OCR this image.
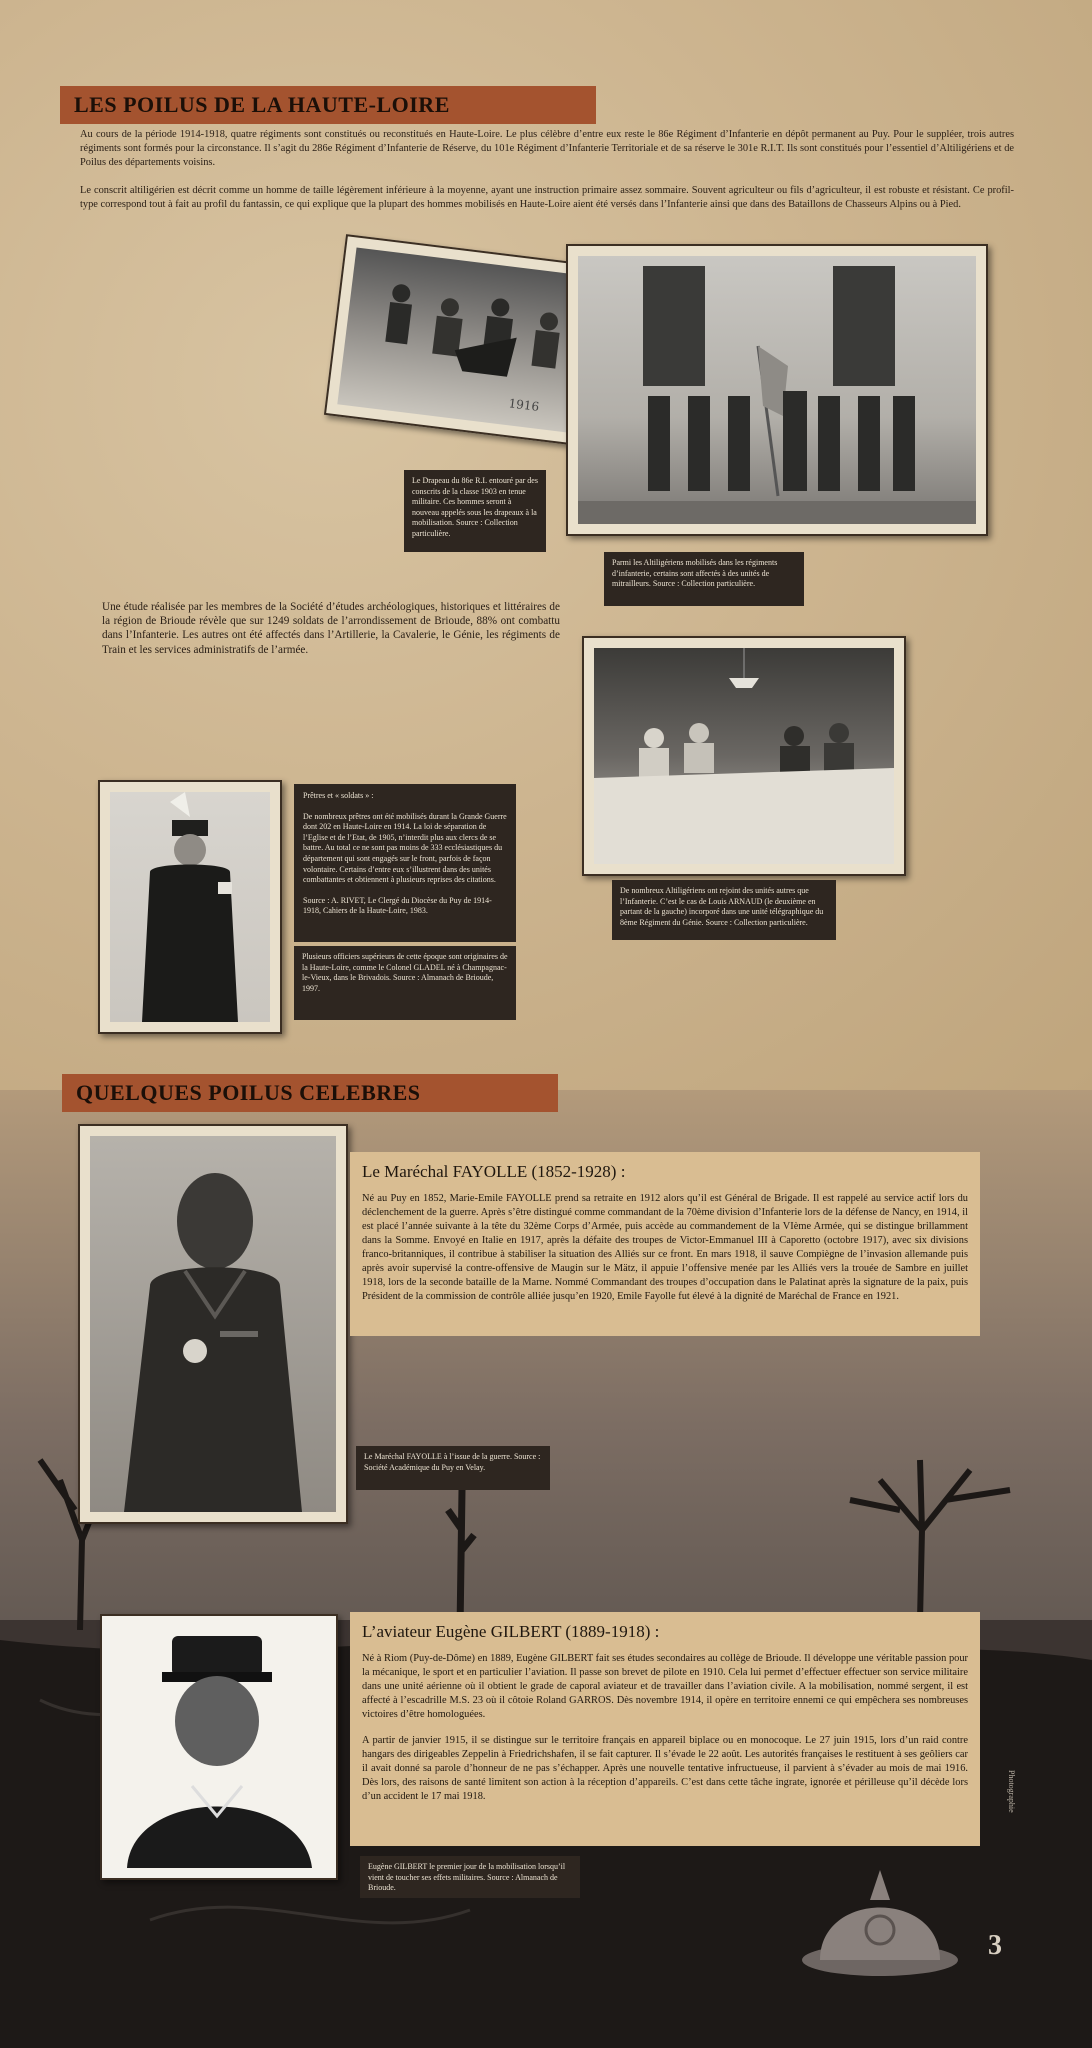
LES POILUS DE LA HAUTE-LOIRE
Au cours de la période 1914-1918, quatre régiments sont constitués ou reconstitués en Haute-Loire. Le plus célèbre d’entre eux reste le 86e Régiment d’Infanterie en dépôt permanent au Puy. Pour le suppléer, trois autres régiments sont formés pour la circonstance. Il s’agit du 286e Régiment d’Infanterie de Réserve, du 101e Régiment d’Infanterie Territoriale et de sa réserve le 301e R.I.T. Ils sont constitués pour l’essentiel d’Altiligériens et de Poilus des départements voisins.
Le conscrit altiligérien est décrit comme un homme de taille légèrement inférieure à la moyenne, ayant une instruction primaire assez sommaire. Souvent agriculteur ou fils d’agriculteur, il est robuste et résistant. Ce profil-type correspond tout à fait au profil du fantassin, ce qui explique que la plupart des hommes mobilisés en Haute-Loire aient été versés dans l’Infanterie ainsi que dans des Bataillons de Chasseurs Alpins ou à Pied.
1916
Le Drapeau du 86e R.I. entouré par des conscrits de la classe 1903 en tenue militaire. Ces hommes seront à nouveau appelés sous les drapeaux à la mobilisation. Source : Collection particulière.
Parmi les Altiligériens mobilisés dans les régiments d’infanterie, certains sont affectés à des unités de mitrailleurs. Source : Collection particulière.
Une étude réalisée par les membres de la Société d’études archéologiques, historiques et littéraires de la région de Brioude révèle que sur 1249 soldats de l’arrondissement de Brioude, 88% ont combattu dans l’Infanterie. Les autres ont été affectés dans l’Artillerie, la Cavalerie, le Génie, les régiments de Train et les services administratifs de l’armée.
De nombreux Altiligériens ont rejoint des unités autres que l’Infanterie. C’est le cas de Louis ARNAUD (le deuxième en partant de la gauche) incorporé dans une unité télégraphique du 8ème Régiment du Génie. Source : Collection particulière.
Prêtres et « soldats » :
De nombreux prêtres ont été mobilisés durant la Grande Guerre dont 202 en Haute-Loire en 1914. La loi de séparation de l’Eglise et de l’Etat, de 1905, n’interdit plus aux clercs de se battre. Au total ce ne sont pas moins de 333 ecclésiastiques du département qui sont engagés sur le front, parfois de façon volontaire. Certains d’entre eux s’illustrent dans des unités combattantes et obtiennent à plusieurs reprises des citations.
Source : A. RIVET, Le Clergé du Diocèse du Puy de 1914-1918, Cahiers de la Haute-Loire, 1983.
Plusieurs officiers supérieurs de cette époque sont originaires de la Haute-Loire, comme le Colonel GLADEL né à Champagnac-le-Vieux, dans le Brivadois. Source : Almanach de Brioude, 1997.
QUELQUES POILUS CELEBRES
Le Maréchal FAYOLLE (1852-1928) :

Né au Puy en 1852, Marie-Emile FAYOLLE prend sa retraite en 1912 alors qu’il est Général de Brigade. Il est rappelé au service actif lors du déclenchement de la guerre. Après s’être distingué comme commandant de la 70ème division d’Infanterie lors de la défense de Nancy, en 1914, il est placé l’année suivante à la tête du 32ème Corps d’Armée, puis accède au commandement de la VIème Armée, qui se distingue brillamment dans la Somme. Envoyé en Italie en 1917, après la défaite des troupes de Victor-Emmanuel III à Caporetto (octobre 1917), avec six divisions franco-britanniques, il contribue à stabiliser la situation des Alliés sur ce front. En mars 1918, il sauve Compiègne de l’invasion allemande puis après avoir supervisé la contre-offensive de Maugin sur le Mätz, il appuie l’offensive menée par les Alliés vers la trouée de Sambre en juillet 1918, lors de la seconde bataille de la Marne. Nommé Commandant des troupes d’occupation dans le Palatinat après la signature de la paix, puis Président de la commission de contrôle alliée jusqu’en 1920, Emile Fayolle fut élevé à la dignité de Maréchal de France en 1921.

Le Maréchal FAYOLLE à l’issue de la guerre. Source : Société Académique du Puy en Velay.
L’aviateur Eugène GILBERT (1889-1918) :

Né à Riom (Puy-de-Dôme) en 1889, Eugène GILBERT fait ses études secondaires au collège de Brioude. Il développe une véritable passion pour la mécanique, le sport et en particulier l’aviation. Il passe son brevet de pilote en 1910. Cela lui permet d’effectuer effectuer son service militaire dans une unité aérienne où il obtient le grade de caporal aviateur et de travailler dans l’aviation civile. A la mobilisation, nommé sergent, il est affecté à l’escadrille M.S. 23 où il côtoie Roland GARROS. Dès novembre 1914, il opère en territoire ennemi ce qui empêchera ses nombreuses victoires d’être homologuées.

A partir de janvier 1915, il se distingue sur le territoire français en appareil biplace ou en monocoque. Le 27 juin 1915, lors d’un raid contre hangars des dirigeables Zeppelin à Friedrichshafen, il se fait capturer. Il s’évade le 22 août. Les autorités françaises le restituent à ses geôliers car il avait donné sa parole d’honneur de ne pas s’échapper. Après une nouvelle tentative infructueuse, il parvient à s’évader au mois de mai 1916. Dès lors, des raisons de santé limitent son action à la réception d’appareils. C’est dans cette tâche ingrate, ignorée et périlleuse qu’il décède lors d’un accident le 17 mai 1918.

Eugène GILBERT le premier jour de la mobilisation lorsqu’il vient de toucher ses effets militaires. Source : Almanach de Brioude.
Photographie
3
